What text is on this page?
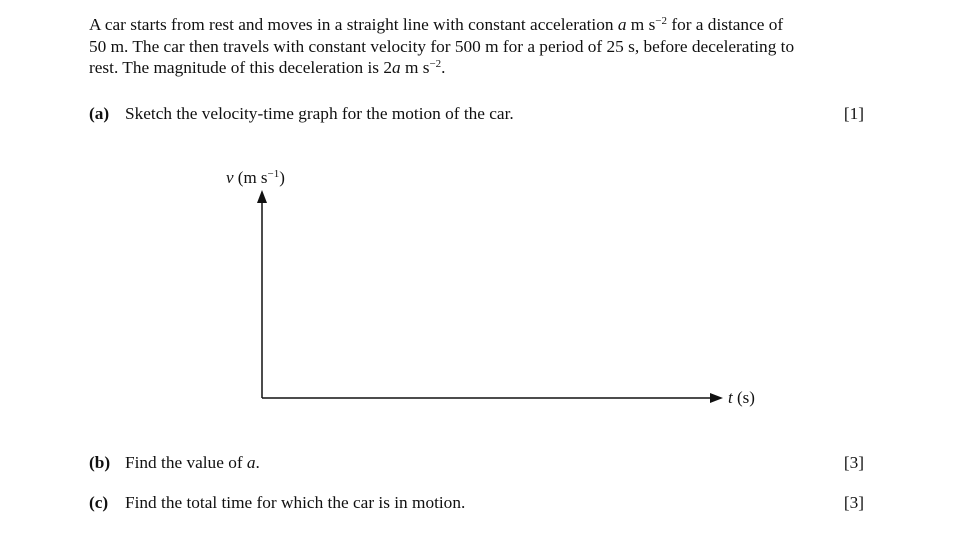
A car starts from rest and moves in a straight line with constant acceleration a m $s^{-2}$ for a distance of
50 m. The car then travels with constant velocity for 500 m for a period of 25 s, before decelerating to
rest. The magnitude of this deceleration is 2a m $s^{-2}$.
(a) Sketch the velocity-time graph for the motion of the car.	[1]
v (m $s^{-1}$)
t (s)
(b) Find the value of a.	[3]
(c) Find the total time for which the car is in motion.	[3]
